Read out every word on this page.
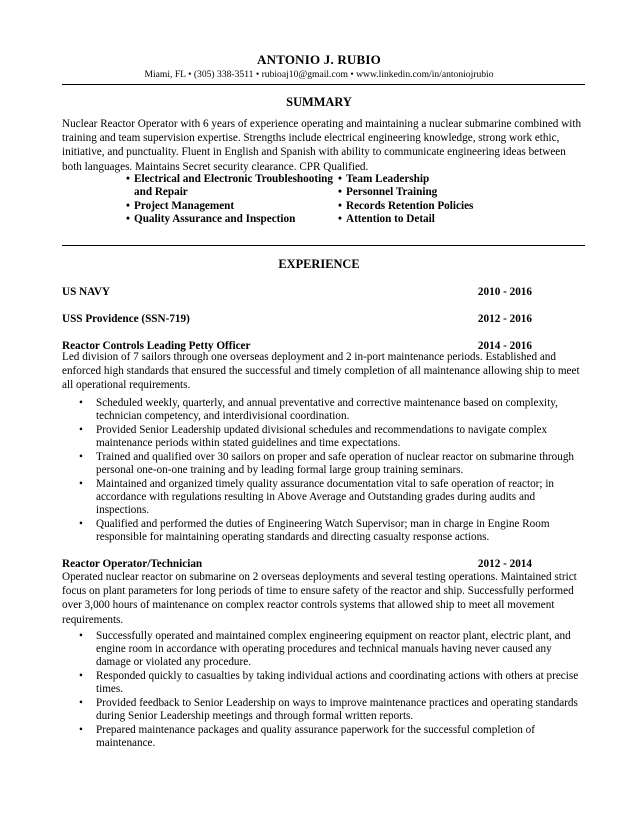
ANTONIO J. RUBIO
Miami, FL • (305) 338-3511 • rubioaj10@gmail.com • www.linkedin.com/in/antoniojrubio
SUMMARY

Nuclear Reactor Operator with 6 years of experience operating and maintaining a nuclear submarine combined with training and team supervision expertise. Strengths include electrical engineering knowledge, strong work ethic, initiative, and punctuality. Fluent in English and Spanish with ability to communicate engineering ideas between both languages. Maintains Secret security clearance. CPR Qualified.

• Electrical and Electronic Troubleshooting and Repair
• Project Management
• Quality Assurance and Inspection
• Team Leadership
• Personnel Training
• Records Retention Policies
• Attention to Detail
EXPERIENCE
US NAVY	2010 - 2016
USS Providence (SSN-719)	2012 - 2016
Reactor Controls Leading Petty Officer	2014 - 2016

Led division of 7 sailors through one overseas deployment and 2 in-port maintenance periods. Established and enforced high standards that ensured the successful and timely completion of all maintenance allowing ship to meet all operational requirements.

• Scheduled weekly, quarterly, and annual preventative and corrective maintenance based on complexity, technician competency, and interdivisional coordination.
• Provided Senior Leadership updated divisional schedules and recommendations to navigate complex maintenance periods within stated guidelines and time expectations.
• Trained and qualified over 30 sailors on proper and safe operation of nuclear reactor on submarine through personal one-on-one training and by leading formal large group training seminars.
• Maintained and organized timely quality assurance documentation vital to safe operation of reactor; in accordance with regulations resulting in Above Average and Outstanding grades during audits and inspections.
• Qualified and performed the duties of Engineering Watch Supervisor; man in charge in Engine Room responsible for maintaining operating standards and directing casualty response actions.
Reactor Operator/Technician	2012 - 2014

Operated nuclear reactor on submarine on 2 overseas deployments and several testing operations. Maintained strict focus on plant parameters for long periods of time to ensure safety of the reactor and ship. Successfully performed over 3,000 hours of maintenance on complex reactor controls systems that allowed ship to meet all movement requirements.

• Successfully operated and maintained complex engineering equipment on reactor plant, electric plant, and engine room in accordance with operating procedures and technical manuals having never caused any damage or violated any procedure.
• Responded quickly to casualties by taking individual actions and coordinating actions with others at precise times.
• Provided feedback to Senior Leadership on ways to improve maintenance practices and operating standards during Senior Leadership meetings and through formal written reports.
• Prepared maintenance packages and quality assurance paperwork for the successful completion of maintenance.
